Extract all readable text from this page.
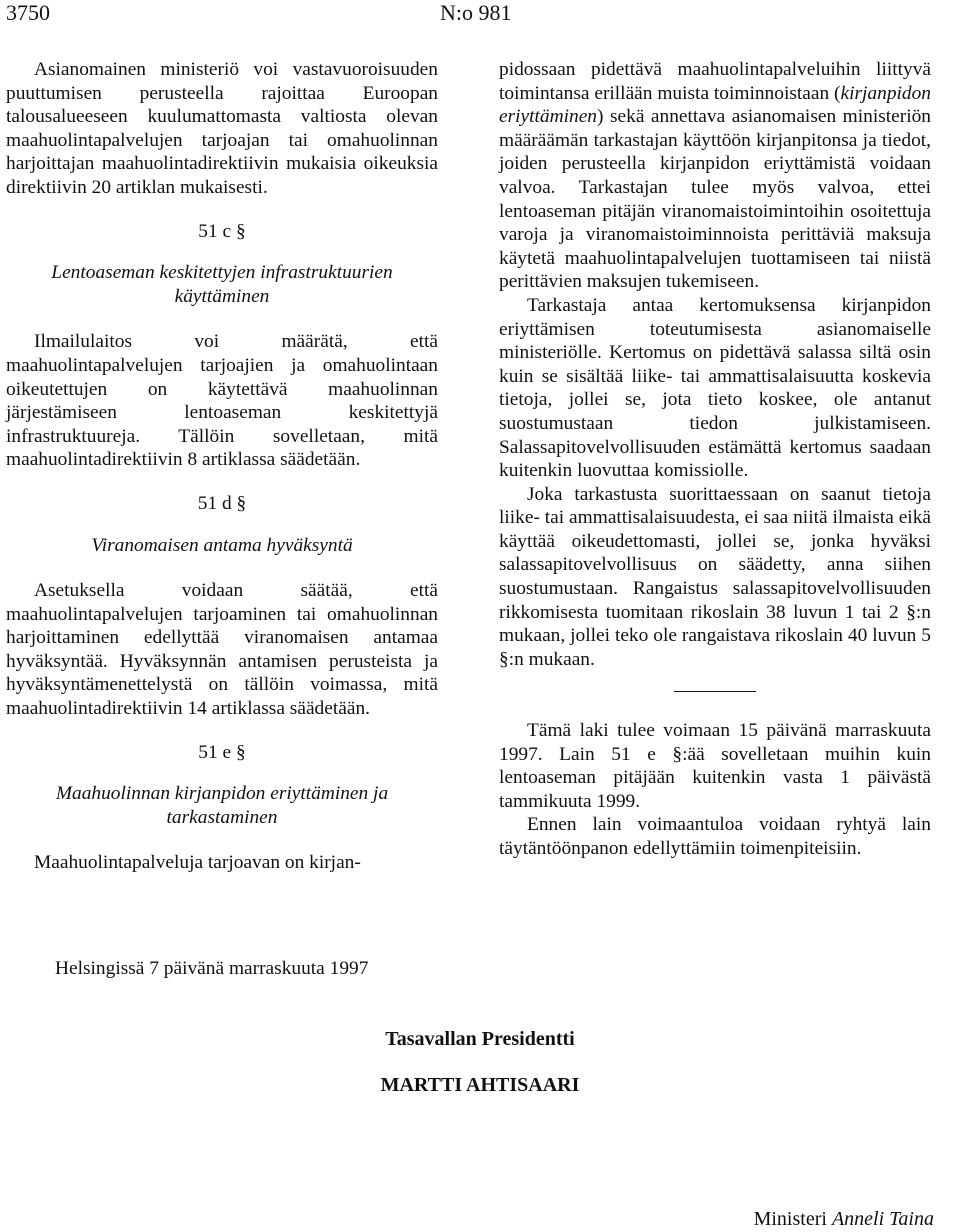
3750	N:o 981

Asianomainen ministeriö voi vastavuoroisuuden puuttumisen perusteella rajoittaa Euroopan talousalueeseen kuulumattomasta valtiosta olevan maahuolintapalvelujen tarjoajan tai omahuolinnan harjoittajan maahuolintadirektiivin mukaisia oikeuksia direktiivin 20 artiklan mukaisesti.

51 c §
Lentoaseman keskitettyjen infrastruktuurien käyttäminen

Ilmailulaitos voi määrätä, että maahuolintapalvelujen tarjoajien ja omahuolintaan oikeutettujen on käytettävä maahuolinnan järjestämiseen lentoaseman keskitettyjä infrastruktuureja. Tällöin sovelletaan, mitä maahuolintadirektiivin 8 artiklassa säädetään.

51 d §
Viranomaisen antama hyväksyntä

Asetuksella voidaan säätää, että maahuolintapalvelujen tarjoaminen tai omahuolinnan harjoittaminen edellyttää viranomaisen antamaa hyväksyntää. Hyväksynnän antamisen perusteista ja hyväksyntämenettelystä on tällöin voimassa, mitä maahuolintadirektiivin 14 artiklassa säädetään.

51 e §
Maahuolinnan kirjanpidon eriyttäminen ja tarkastaminen

Maahuolintapalveluja tarjoavan on kirjan-

pidossaan pidettävä maahuolintapalveluihin liittyvä toimintansa erillään muista toiminnoistaan (kirjanpidon eriyttäminen) sekä annettava asianomaisen ministeriön määräämän tarkastajan käyttöön kirjanpitonsa ja tiedot, joiden perusteella kirjanpidon eriyttämistä voidaan valvoa. Tarkastajan tulee myös valvoa, ettei lentoaseman pitäjän viranomaistoimintoihin osoitettuja varoja ja viranomaistoiminnoista perittäviä maksuja käytetä maahuolintapalvelujen tuottamiseen tai niistä perittävien maksujen tukemiseen.

Tarkastaja antaa kertomuksensa kirjanpidon eriyttämisen toteutumisesta asianomaiselle ministeriölle. Kertomus on pidettävä salassa siltä osin kuin se sisältää liike- tai ammattisalaisuutta koskevia tietoja, jollei se, jota tieto koskee, ole antanut suostumustaan tiedon julkistamiseen. Salassapitovelvollisuuden estämättä kertomus saadaan kuitenkin luovuttaa komissiolle.

Joka tarkastusta suorittaessaan on saanut tietoja liike- tai ammattisalaisuudesta, ei saa niitä ilmaista eikä käyttää oikeudettomasti, jollei se, jonka hyväksi salassapitovelvollisuus on säädetty, anna siihen suostumustaan. Rangaistus salassapitovelvollisuuden rikkomisesta tuomitaan rikoslain 38 luvun 1 tai 2 §:n mukaan, jollei teko ole rangaistava rikoslain 40 luvun 5 §:n mukaan.

Tämä laki tulee voimaan 15 päivänä marraskuuta 1997. Lain 51 e §:ää sovelletaan muihin kuin lentoaseman pitäjään kuitenkin vasta 1 päivästä tammikuuta 1999.

Ennen lain voimaantuloa voidaan ryhtyä lain täytäntöönpanon edellyttämiin toimenpiteisiin.

Helsingissä 7 päivänä marraskuuta 1997
Tasavallan Presidentti
MARTTI AHTISAARI
Ministeri Anneli Taina
